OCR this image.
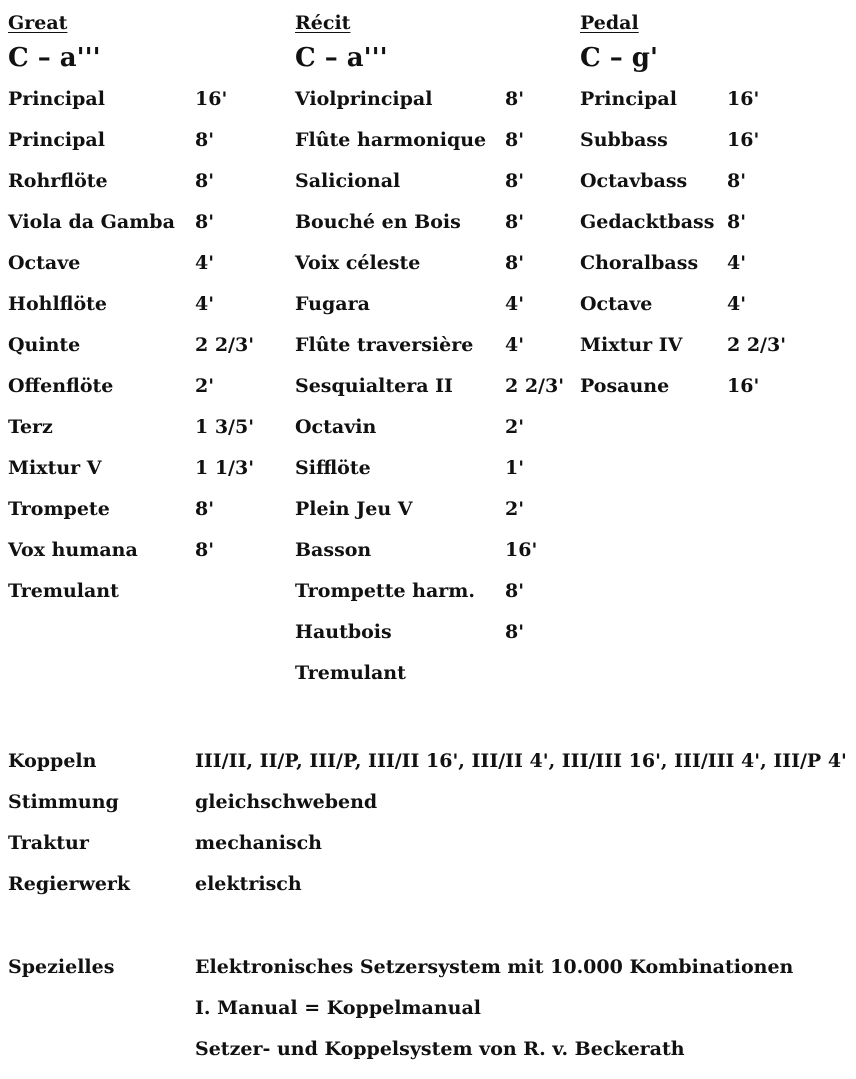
Great
C – a'''
Principal	16'
Principal	8'
Rohrflöte	8'
Viola da Gamba 8'
Octave	4'
Hohlflöte	4'
Quinte	2 2/3'
Offenflöte	2'
Terz	1 3/5'
Mixtur V	1 1/3'
Trompete	8'
Vox humana	8'
Tremulant
Récit
C – a'''
Violprincipal	8'
Flûte harmonique 8'
Salicional	8'
Bouché en Bois 8'
Voix céleste	8'
Fugara	4'
Flûte traversière 4'
Sesquialtera II	2 2/3'
Octavin	2'
Sifflöte	1'
Plein Jeu V	2'
Basson	16'
Trompette harm. 8'
Hautbois	8'
Tremulant
Pedal
C – g'
Principal	16'
Subbass	16'
Octavbass 8'
Gedacktbass 8'
Choralbass 4'
Octave	4'
Mixtur IV 2 2/3'
Posaune	16'
Koppeln	III/II, II/P, III/P, III/II 16', III/II 4', III/III 16', III/III 4', III/P 4'
Stimmung	gleichschwebend
Traktur	mechanisch
Regierwerk	elektrisch
Spezielles	Elektronisches Setzersystem mit 10.000 Kombinationen
I. Manual = Koppelmanual
Setzer- und Koppelsystem von R. v. Beckerath
